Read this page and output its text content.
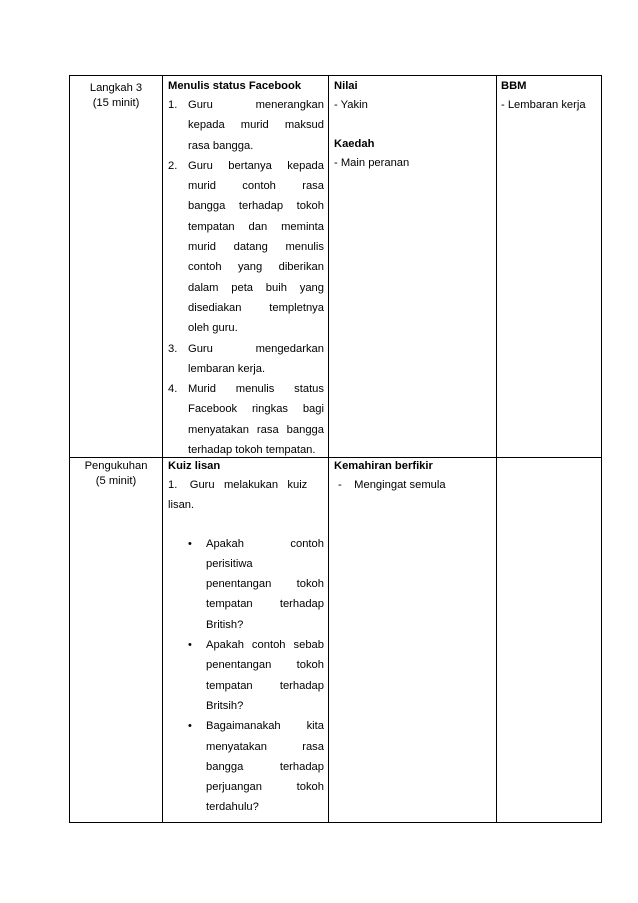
Langkah 3
(15 minit)
Menulis status Facebook
1. Guru menerangkan
kepada murid maksud
rasa bangga.
2. Guru bertanya kepada
murid contoh rasa
bangga terhadap tokoh
tempatan dan meminta
murid datang menulis
contoh yang diberikan
dalam peta buih yang
disediakan templetnya
oleh guru.
3. Guru mengedarkan
lembaran kerja.
4. Murid menulis status
Facebook ringkas bagi
menyatakan rasa bangga
terhadap tokoh tempatan.
Nilai
- Yakin
Kaedah
- Main peranan
BBM
- Lembaran kerja
Pengukuhan
(5 minit)
Kuiz lisan
1.    Guru   melakukan   kuiz
lisan.
• Apakah contoh
perisitiwa
penentangan tokoh
tempatan terhadap
British?
• Apakah contoh sebab
penentangan tokoh
tempatan terhadap
Britsih?
• Bagaimanakah kita
menyatakan rasa
bangga terhadap
perjuangan tokoh
terdahulu?
Kemahiran berfikir
-    Mengingat semula
